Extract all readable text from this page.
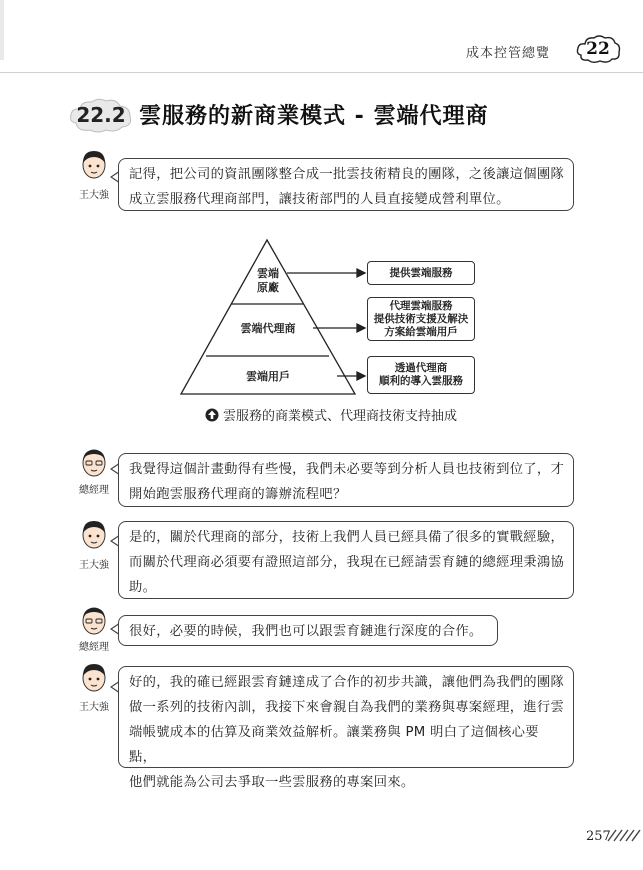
成本控管總覽	22
22.2 雲服務的新商業模式 - 雲端代理商
王大強
記得，把公司的資訊團隊整合成一批雲技術精良的團隊，之後讓這個團隊
成立雲服務代理商部門，讓技術部門的人員直接變成營利單位。
雲端
原廠
雲端代理商
雲端用戶
提供雲端服務
代理雲端服務
提供技術支援及解決
方案給雲端用戶
透過代理商
順利的導入雲服務
雲服務的商業模式、代理商技術支持抽成
總經理
我覺得這個計畫動得有些慢，我們未必要等到分析人員也技術到位了，才
開始跑雲服務代理商的籌辦流程吧？
王大強
是的，關於代理商的部分，技術上我們人員已經具備了很多的實戰經驗，
而關於代理商必須要有證照這部分，我現在已經請雲育鏈的總經理秉鴻協
助。
總經理
很好，必要的時候，我們也可以跟雲育鏈進行深度的合作。
王大強
好的，我的確已經跟雲育鏈達成了合作的初步共識，讓他們為我們的團隊
做一系列的技術內訓，我接下來會親自為我們的業務與專案經理，進行雲
端帳號成本的估算及商業效益解析。讓業務與 PM 明白了這個核心要點，
他們就能為公司去爭取一些雲服務的專案回來。
257
